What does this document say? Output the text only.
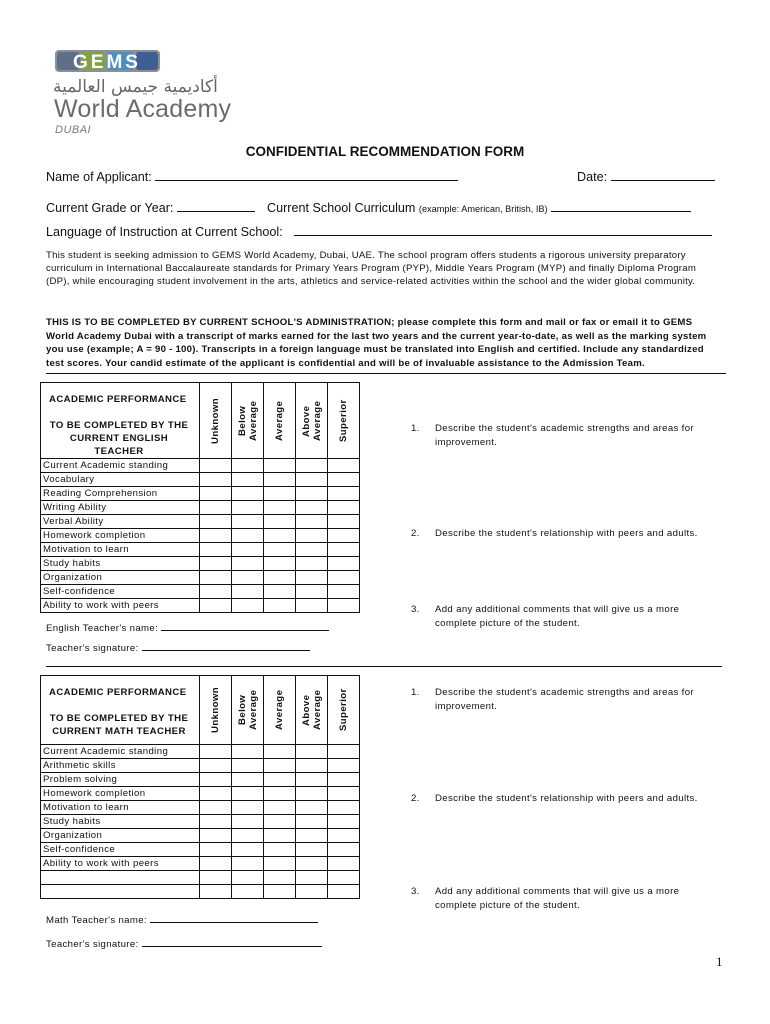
GEMS
أكاديمية جيمس العالمية
World Academy
DUBAI
CONFIDENTIAL RECOMMENDATION FORM
Name of Applicant:	Date:
Current Grade or Year:	Current School Curriculum (example: American, British, IB)
Language of Instruction at Current School:
This student is seeking admission to GEMS World Academy, Dubai, UAE. The school program offers students a rigorous university preparatory curriculum in International Baccalaureate standards for Primary Years Program (PYP), Middle Years Program (MYP) and finally Diploma Program (DP), while encouraging student involvement in the arts, athletics and service-related activities within the school and the wider global community.
THIS IS TO BE COMPLETED BY CURRENT SCHOOL'S ADMINISTRATION; please complete this form and mail or fax or email it to GEMS World Academy Dubai with a transcript of marks earned for the last two years and the current year-to-date, as well as the marking system you use (example; A = 90 - 100). Transcripts in a foreign language must be translated into English and certified. Include any standardized test scores. Your candid estimate of the applicant is confidential and will be of invaluable assistance to the Admission Team.
ACADEMIC PERFORMANCE
TO BE COMPLETED BY THE CURRENT ENGLISH TEACHER	Unknown	Below Average	Average	Above Average	Superior

Current Academic standing					
Vocabulary					
Reading Comprehension					
Writing Ability					
Verbal Ability					
Homework completion					
Motivation to learn					
Study habits					
Organization					
Self-confidence					
Ability to work with peers					
1. Describe the student's academic strengths and areas for improvement.
2. Describe the student's relationship with peers and adults.
3. Add any additional comments that will give us a more complete picture of the student.
English Teacher's name:
Teacher's signature:
ACADEMIC PERFORMANCE
TO BE COMPLETED BY THE CURRENT MATH TEACHER	Unknown	Below Average	Average	Above Average	Superior

Current Academic standing					
Arithmetic skills					
Problem solving					
Homework completion					
Motivation to learn					
Study habits					
Organization					
Self-confidence					
Ability to work with peers					

1. Describe the student's academic strengths and areas for improvement.
2. Describe the student's relationship with peers and adults.
3. Add any additional comments that will give us a more complete picture of the student.
Math Teacher's name:
Teacher's signature:
1
